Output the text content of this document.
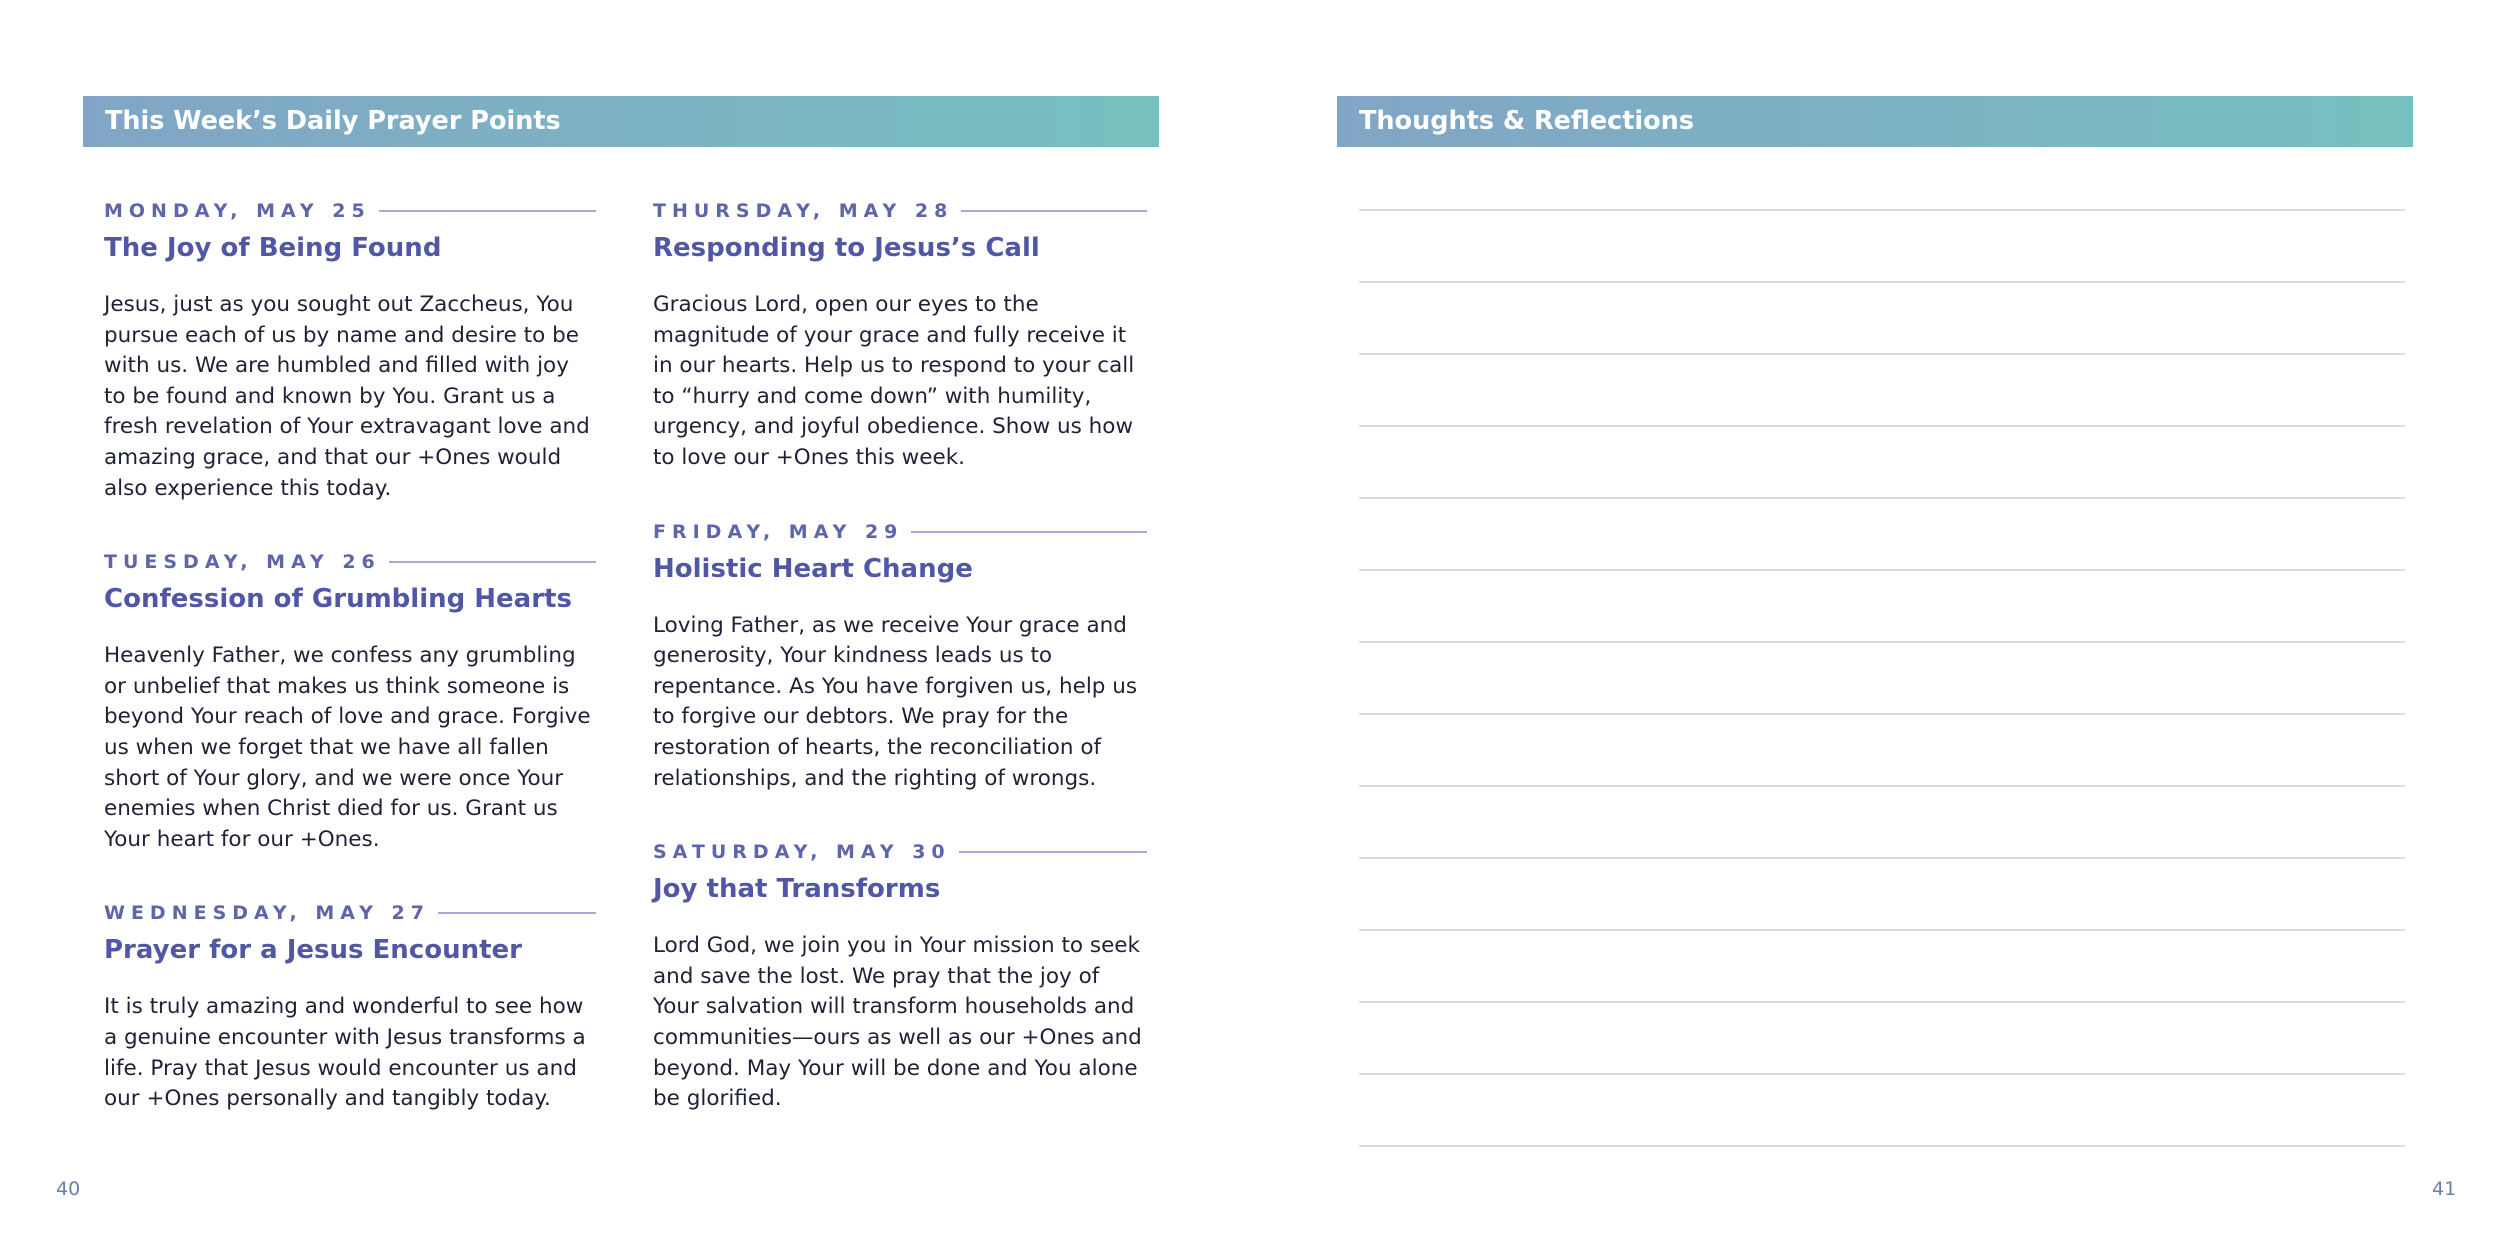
This Week’s Daily Prayer Points	Thoughts & Reflections
MONDAY, MAY 25
The Joy of Being Found
Jesus, just as you sought out Zaccheus, You pursue each of us by name and desire to be with us. We are humbled and filled with joy to be found and known by You. Grant us a fresh revelation of Your extravagant love and amazing grace, and that our +Ones would also experience this today.
TUESDAY, MAY 26
Confession of Grumbling Hearts
Heavenly Father, we confess any grumbling or unbelief that makes us think someone is beyond Your reach of love and grace. Forgive us when we forget that we have all fallen short of Your glory, and we were once Your enemies when Christ died for us. Grant us Your heart for our +Ones.
WEDNESDAY, MAY 27
Prayer for a Jesus Encounter
It is truly amazing and wonderful to see how a genuine encounter with Jesus transforms a life. Pray that Jesus would encounter us and our +Ones personally and tangibly today.
THURSDAY, MAY 28
Responding to Jesus’s Call
Gracious Lord, open our eyes to the magnitude of your grace and fully receive it in our hearts. Help us to respond to your call to “hurry and come down” with humility, urgency, and joyful obedience. Show us how to love our +Ones this week.
FRIDAY, MAY 29
Holistic Heart Change
Loving Father, as we receive Your grace and generosity, Your kindness leads us to repentance. As You have forgiven us, help us to forgive our debtors. We pray for the restoration of hearts, the reconciliation of relationships, and the righting of wrongs.
SATURDAY, MAY 30
Joy that Transforms
Lord God, we join you in Your mission to seek and save the lost. We pray that the joy of Your salvation will transform households and communities—ours as well as our +Ones and beyond. May Your will be done and You alone be glorified.
40	41
